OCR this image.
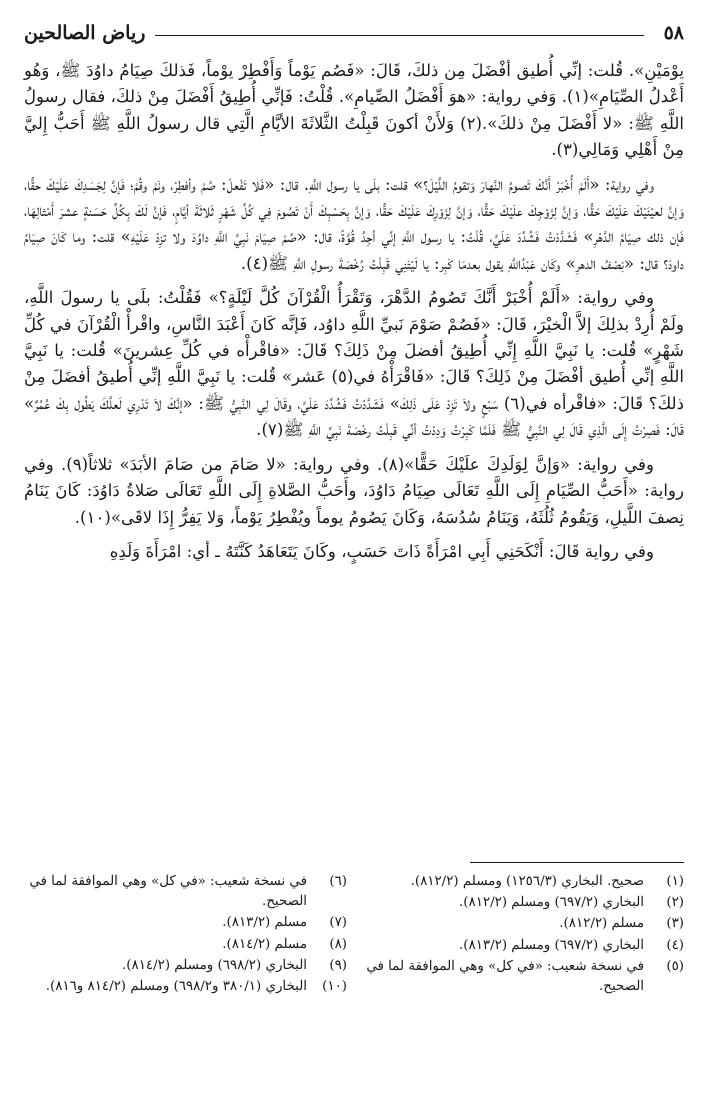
٥٨
رياض الصالحين

يوْمَيْنِ». قُلت: إنِّي أُطيق أفْضَلَ مِن ذلكَ، قَالَ: «فَصُم يَوْماً وَأَفْطِرْ يوْماً، فَذلكَ صِيَامُ داوُدَ ﷺ، وَهُو أَعْدلُ الصِّيَامِ»(١). وَفي رواية: «هوَ أَفْضَلُ الصِّيامِ». قُلْتُ: فَإنِّي أُطِيقُ أَفْضَلَ مِنْ ذلكَ، فقال رسولُ اللَّهِ ﷺ: «لا أَفْضَلَ مِنْ ذلكَ».(٢) وَلأَنْ أكونَ قَبِلْتُ الثَّلاثَةَ الأيَّامِ الَّتِي قال رسولُ اللَّهِ ﷺ أَحَبُّ إِليَّ مِنْ أَهْلِي وَمَالِي(٣).

وفي رواية: «أَلَمْ أُخْبَرْ أَنَّكَ تَصومُ النَّهارَ وَتقومُ اللَّيْلَ؟» قلت: بلَى يا رسول اللَّهِ. قال: «فَلا تَفْعلْ: صُمْ وأفطِرْ، ونَمْ وقُمْ؛ فَإنَّ لِجَسَدِكَ عَلَيْكَ حقًّا، وَإنَّ لعيْنَيْكَ عَلَيْكَ حَقًّا، وَإنَّ لِزَوْجِكَ علَيْكَ حَقًّا، وَإنَّ لِزَوْرِكَ عَلَيْكَ حَقًّا، وَإنَّ بِحَسْبِكَ أَنْ تَصُومَ فِي كُلِّ شَهْرٍ ثَلاثَةَ أيَّامٍ، فَإنَّ لَكَ بِكُلِّ حَسَنةٍ عشرَ أَمْثالِهَا، فَإن ذلك صِيَامُ الدَّهْرِ» فَشَدَّدْتُ فَشُدِّدَ عَلَيَّ، قُلْتُ: يا رسول اللَّهِ إنِّي أجِدُ قُوَّةً، قال: «صُمْ صِيَامَ نَبِيِّ اللَّهِ داوُدَ ولا تزِدْ عَلَيْهِ» قلت: وما كَانَ صِيَامُ داودَ؟ قال: «نِصْفُ الدهرِ» وكَان عَبْدُاللَّهِ يقول بعدمَا كَبِر: يا لَيْتَنِي قَبِلْتُ رُخْصَةَ رسولِ اللَّهِ ﷺ(٤).

وفي رواية: «أَلَمْ أُخْبَرْ أَنَّكَ تَصُومُ الدَّهْرَ، وَتَقْرَأُ الْقُرْآنَ كُلَّ لَيْلَةٍ؟» فَقُلْتُ: بلَى يا رسولَ اللَّهِ، ولَمْ أُرِدْ بذلِكَ إلاَّ الْخيْرَ، قَالَ: «فَصُمْ صَوْمَ نَبيِّ اللَّهِ داوُد، فَإنَّه كَانَ أَعْبَدَ النَّاسِ، واقْرأْ الْقُرْآنَ في كُلِّ شَهْرٍ» قُلت: يا نَبِيَّ اللَّهِ إِنِّي أُطِيقُ أفضلَ مِنْ ذَلِكَ؟ قَالَ: «فاقْرأْه في كُلِّ عِشرينَ» قُلت: يا نَبِيَّ اللَّهِ إنِّي أُطيق أفْضَلَ مِنْ ذَلِكَ؟ قَالَ: «فَاقْرَأْهُ في(٥) عَشر» قُلت: يا نَبِيَّ اللَّهِ إنِّي أُطيقُ أفضَلَ مِنْ ذلكَ؟ قَالَ: «فاقْرأه في(٦) سَبْعٍ ولاَ تَزِدْ عَلَى ذَلِكَ» فَشَدَّدْتُ فَشُدِّدَ عَلَيَّ، وقَالَ لِي النَّبِيُّ ﷺ: «إنَّكَ لاَ تَدْرِي لَعلَّكَ يَطُول بِكَ عُمُرٌ» قَالَ: فَصِرْتُ إِلَى الَّذِي قَالَ لِي النَّبِيُّ ﷺ فَلَمَّا كَبِرْتُ وَدِدْتُ أنِّي قَبِلْتُ رخْصَةَ نَبِيِّ اللَّهِ ﷺ(٧).

وفي رواية: «وَإنَّ لِوَلَدِكَ علَيْكَ حَقًّا»(٨). وفي رواية: «لا صَامَ من صَامَ الأبَدَ» ثلاثاً(٩). وفي رواية: «أَحَبُّ الصِّيَامِ إِلَى اللَّهِ تَعَالَى صِيَامُ دَاوُدَ، وأَحَبُّ الصَّلاةِ إِلَى اللَّهِ تَعَالَى صَلاةُ دَاوُدَ: كَانَ يَنَامُ نِصفَ اللَّيلِ، وَيَقُومُ ثُلُثَهُ، وَيَنَامُ سُدُسَهُ، وَكَانَ يَصُومُ يوماً ويُفْطِرُ يَوْماً، وَلا يَفِرُّ إِذَا لاقَى»(١٠).

وفي رواية قَالَ: أَنْكَحَنِي أَبِي امْرَأَةً ذَاتَ حَسَبٍ، وكَانَ يَتَعَاهَدُ كَنَّتَهُ ـ أي: امْرَأَةَ وَلَدِهِ

(١)
صحيح. البخاري (١٢٥٦/٣) ومسلم (٨١٢/٢).
(٢)
البخاري (٦٩٧/٢) ومسلم (٨١٢/٢).
(٣)
مسلم (٨١٢/٢).
(٤)
البخاري (٦٩٧/٢) ومسلم (٨١٣/٢).
(٥)
في نسخة شعيب: «في كل» وهي الموافقة لما في الصحيح.
(٦)
في نسخة شعيب: «في كل» وهي الموافقة لما في الصحيح.
(٧)
مسلم (٨١٣/٢).
(٨)
مسلم (٨١٤/٢).
(٩)
البخاري (٦٩٨/٢) ومسلم (٨١٤/٢).
(١٠)
البخاري (٣٨٠/١ و٦٩٨/٢) ومسلم (٨١٤/٢ و٨١٦).
